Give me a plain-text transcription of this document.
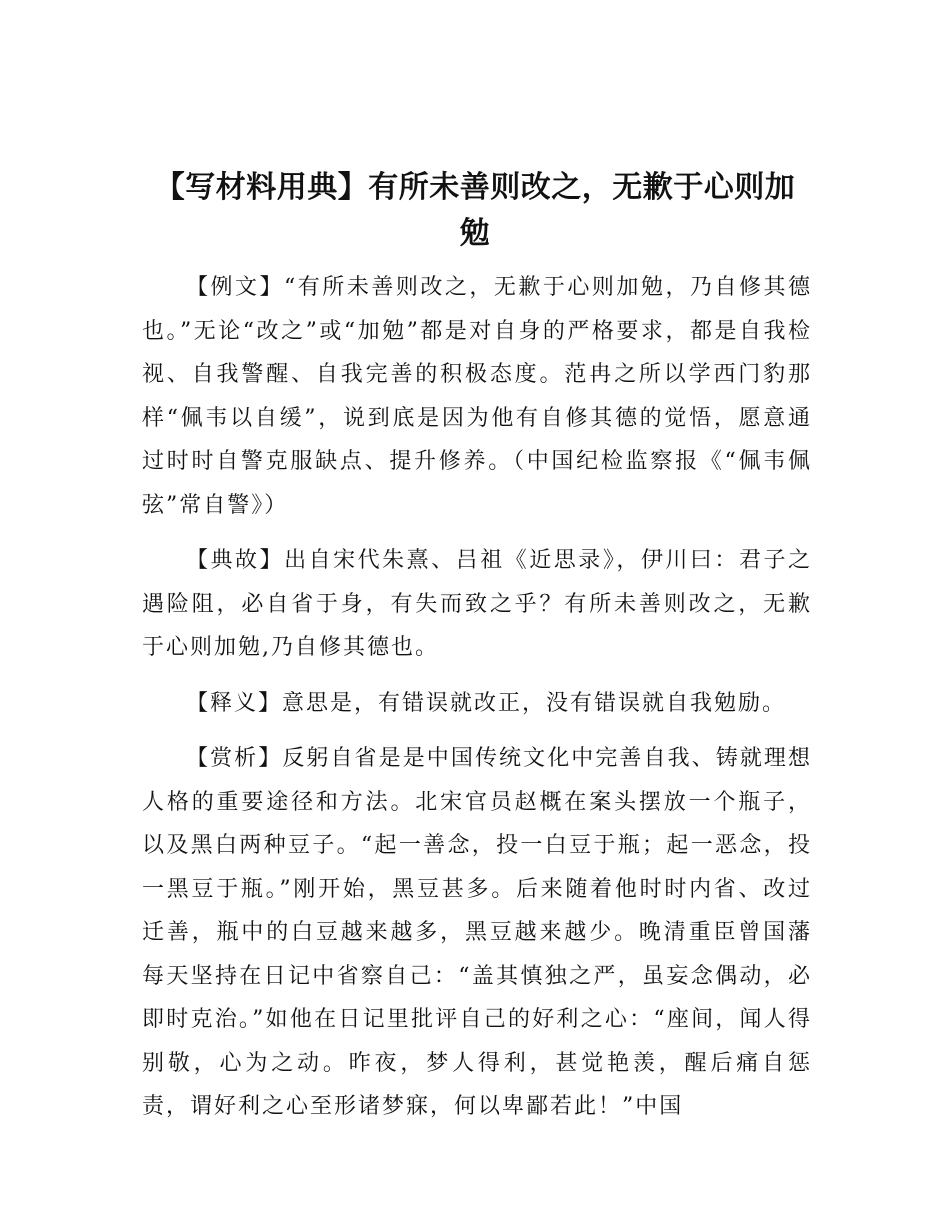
【写材料用典】有所未善则改之，无歉于心则加勉

【例文】“有所未善则改之，无歉于心则加勉，乃自修其德也。”无论“改之”或“加勉”都是对自身的严格要求，都是自我检视、自我警醒、自我完善的积极态度。范冉之所以学西门豹那样“佩韦以自缓”，说到底是因为他有自修其德的觉悟，愿意通过时时自警克服缺点、提升修养。（中国纪检监察报《“佩韦佩弦”常自警》）

【典故】出自宋代朱熹、吕祖《近思录》，伊川曰：君子之遇险阻，必自省于身，有失而致之乎？有所未善则改之，无歉于心则加勉,乃自修其德也。

【释义】意思是，有错误就改正，没有错误就自我勉励。

【赏析】反躬自省是是中国传统文化中完善自我、铸就理想人格的重要途径和方法。北宋官员赵概在案头摆放一个瓶子，以及黑白两种豆子。“起一善念，投一白豆于瓶；起一恶念，投一黑豆于瓶。”刚开始，黑豆甚多。后来随着他时时内省、改过迁善，瓶中的白豆越来越多，黑豆越来越少。晚清重臣曾国藩每天坚持在日记中省察自己：“盖其慎独之严，虽妄念偶动，必即时克治。”如他在日记里批评自己的好利之心：“座间，闻人得别敬，心为之动。昨夜，梦人得利，甚觉艳羡，醒后痛自惩责，谓好利之心至形诸梦寐，何以卑鄙若此！”中国
